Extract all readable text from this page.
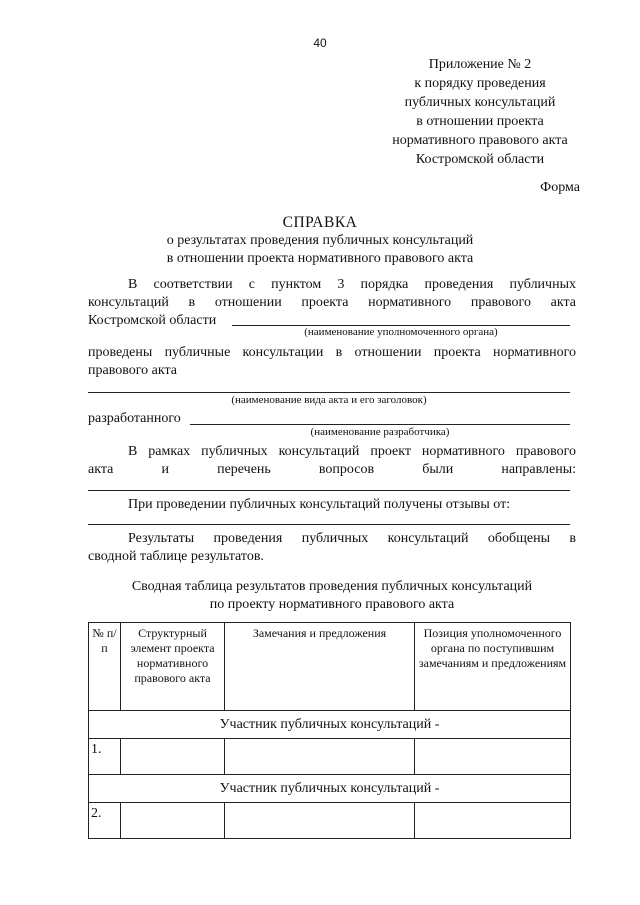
40
Приложение № 2
к порядку проведения
публичных консультаций
в отношении проекта
нормативного правового акта
Костромской области
Форма
СПРАВКА
о результатах проведения публичных консультаций
в отношении проекта нормативного правового акта
В соответствии с пунктом 3 порядка проведения публичных
консультаций в отношении проекта нормативного правового акта
Костромской области
(наименование уполномоченного органа)
проведены публичные консультации в отношении проекта нормативного
правового акта
(наименование вида акта и его заголовок)
разработанного
(наименование разработчика)
В рамках публичных консультаций проект нормативного правового
акта и перечень вопросов были направлены:
При проведении публичных консультаций получены отзывы от:
Результаты проведения публичных консультаций обобщены в
сводной таблице результатов.
Сводная таблица результатов проведения публичных консультаций
по проекту нормативного правового акта
№ п/п	Структурный элемент проекта нормативного правового акта	Замечания и предложения	Позиция уполномоченного органа по поступившим замечаниям и предложениям
Участник публичных консультаций -			
1.			
Участник публичных консультаций -			
2.			
